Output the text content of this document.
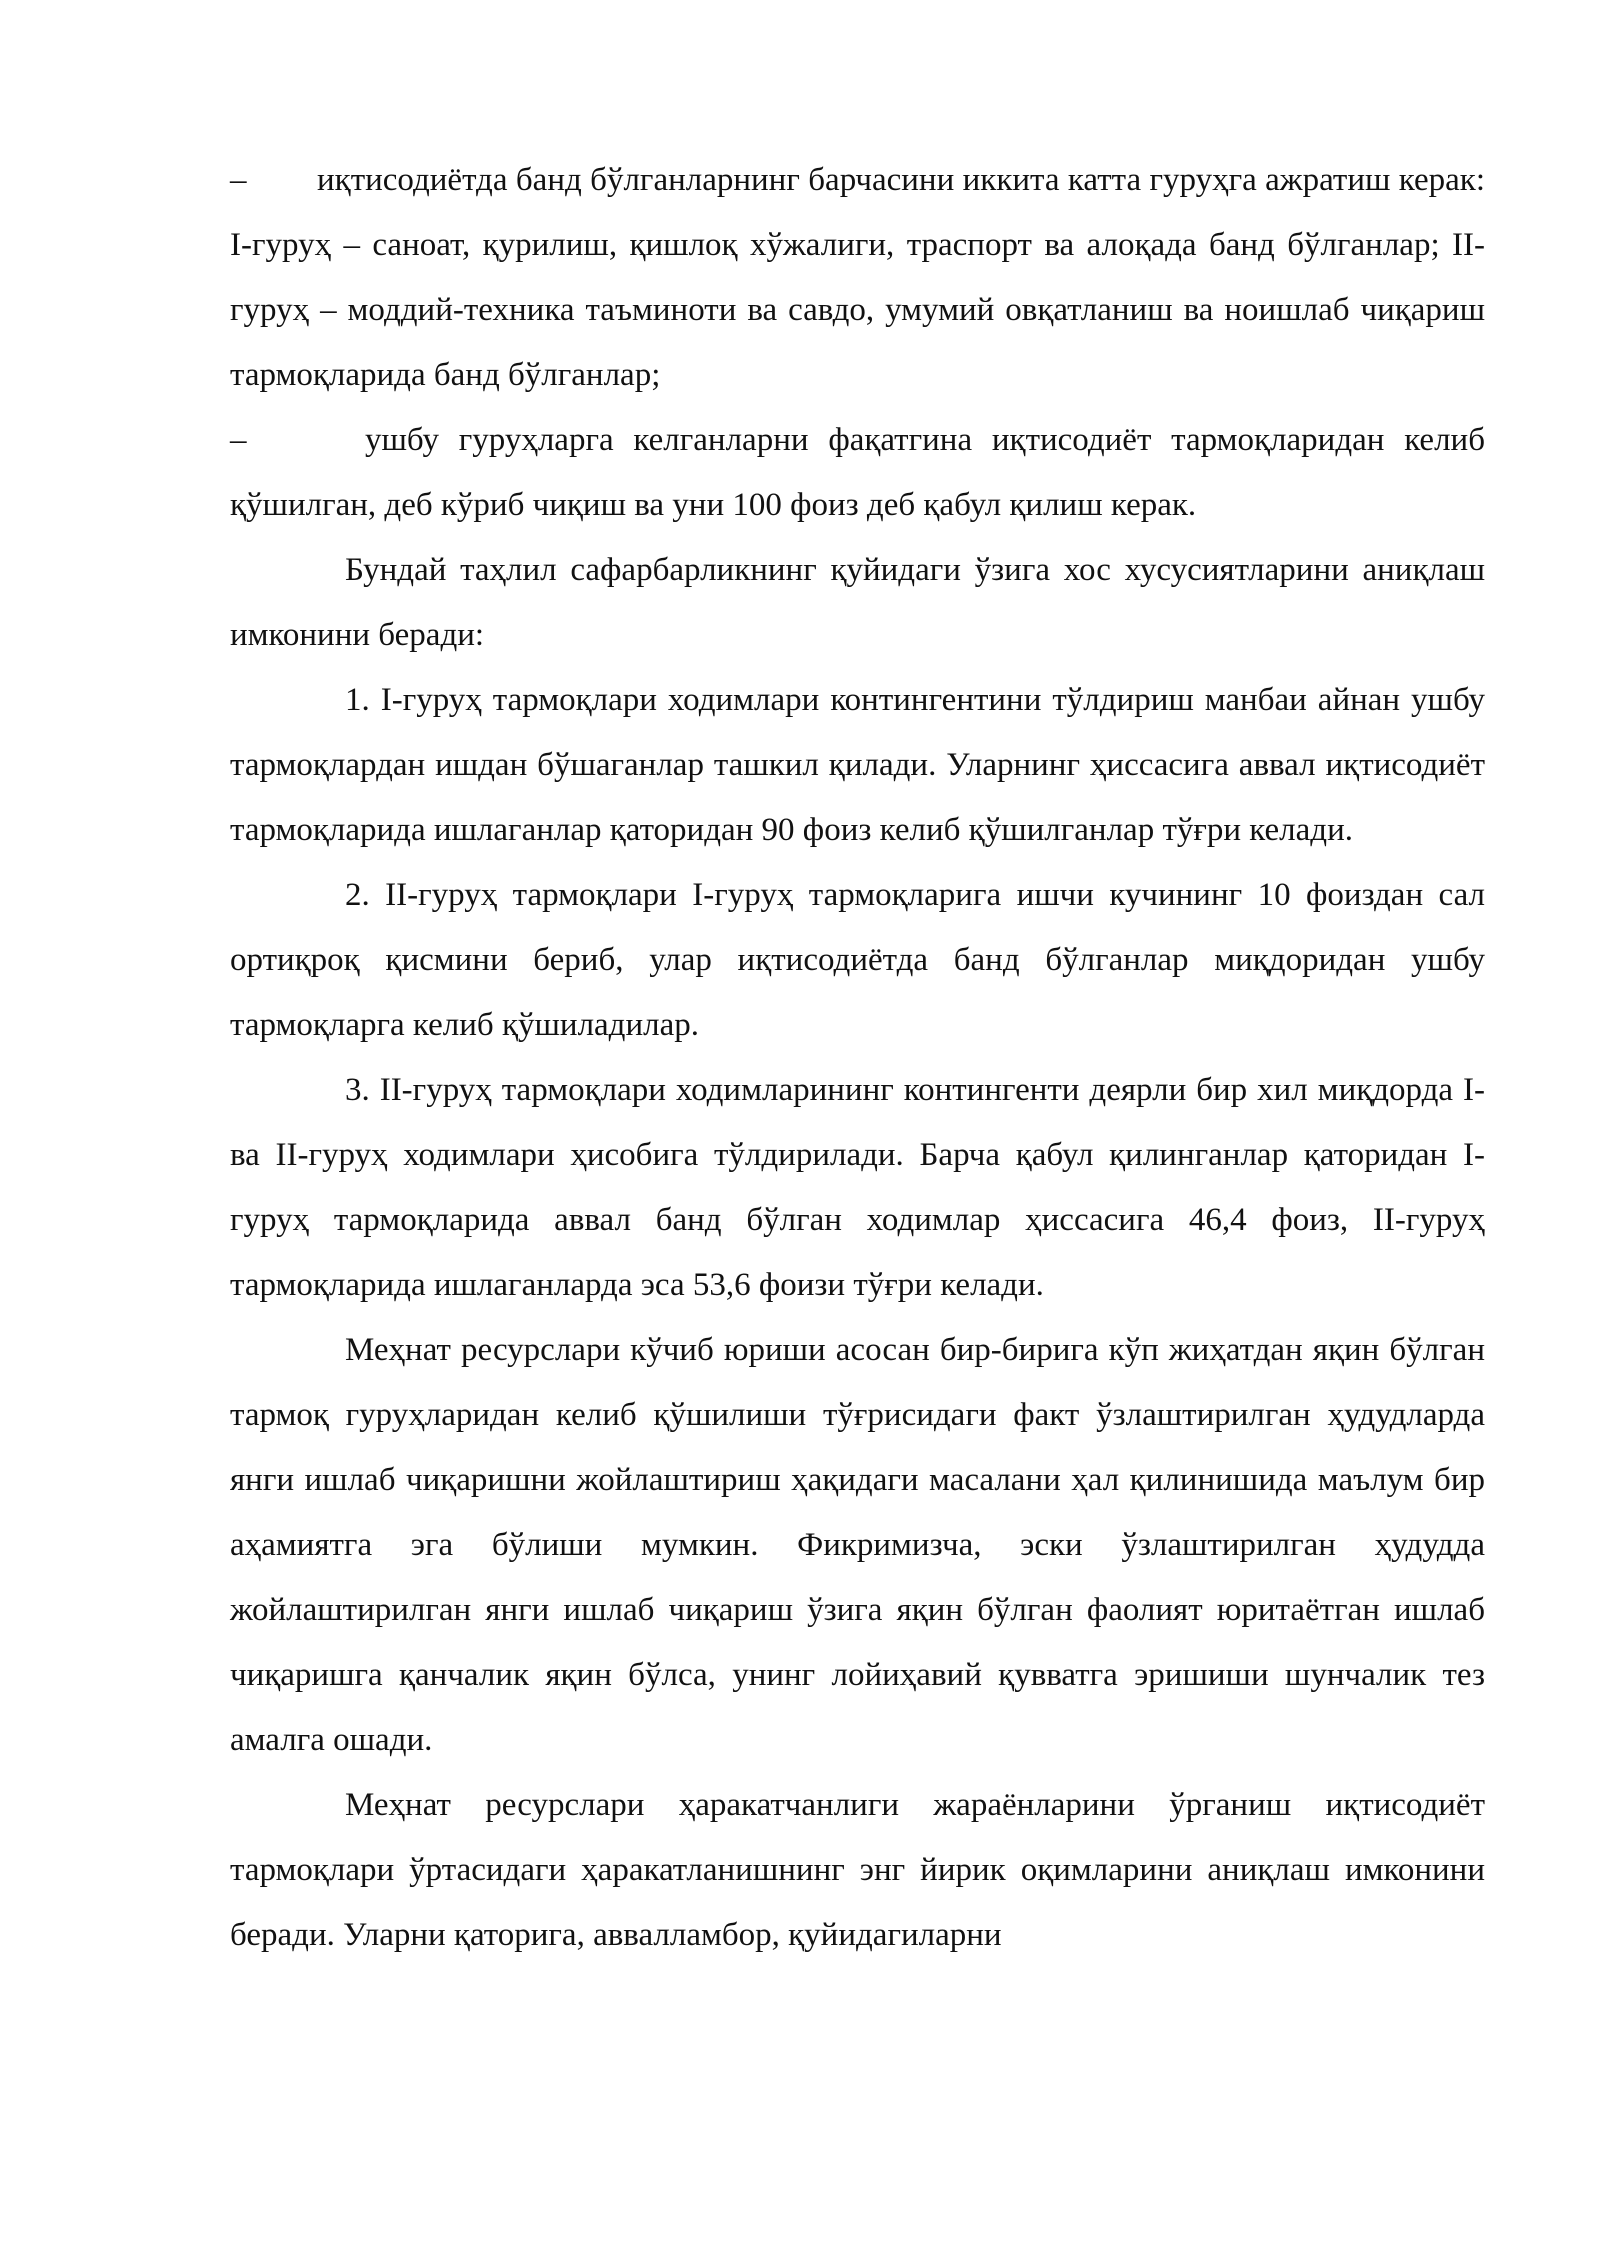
– иқтисодиётда банд бўлганларнинг барчасини иккита катта гуруҳга ажратиш керак: I-гуруҳ – саноат, қурилиш, қишлоқ хўжалиги, траспорт ва алоқада банд бўлганлар; II-гуруҳ – моддий-техника таъминоти ва савдо, умумий овқатланиш ва ноишлаб чиқариш тармоқларида банд бўлганлар;

–	ушбу гуруҳларга келганларни фақатгина иқтисодиёт тармоқларидан келиб қўшилган, деб кўриб чиқиш ва уни 100 фоиз деб қабул қилиш керак.

Бундай таҳлил сафарбарликнинг қуйидаги ўзига хос хусусиятларини аниқлаш имконини беради:

1. I-гуруҳ тармоқлари ходимлари контингентини тўлдириш манбаи айнан ушбу тармоқлардан ишдан бўшаганлар ташкил қилади. Уларнинг ҳиссасига аввал иқтисодиёт тармоқларида ишлаганлар қаторидан 90 фоиз келиб қўшилганлар тўғри келади.

2. II-гуруҳ тармоқлари I-гуруҳ тармоқларига ишчи кучининг 10 фоиздан сал ортиқроқ қисмини бериб, улар иқтисодиётда банд бўлганлар миқдоридан ушбу тармоқларга келиб қўшиладилар.

3. II-гуруҳ тармоқлари ходимларининг контингенти деярли бир хил миқдорда I- ва II-гуруҳ ходимлари ҳисобига тўлдирилади. Барча қабул қилинганлар қаторидан I-гуруҳ тармоқларида аввал банд бўлган ходимлар ҳиссасига 46,4 фоиз, II-гуруҳ тармоқларида ишлаганларда эса 53,6 фоизи тўғри келади.

Меҳнат ресурслари кўчиб юриши асосан бир-бирига кўп жиҳатдан яқин бўлган тармоқ гуруҳларидан келиб қўшилиши тўғрисидаги факт ўзлаштирилган ҳудудларда янги ишлаб чиқаришни жойлаштириш ҳақидаги масалани ҳал қилинишида маълум бир аҳамиятга эга бўлиши мумкин. Фикримизча, эски ўзлаштирилган ҳудудда жойлаштирилган янги ишлаб чиқариш ўзига яқин бўлган фаолият юритаётган ишлаб чиқаришга қанчалик яқин бўлса, унинг лойиҳавий қувватга эришиши шунчалик тез амалга ошади.

Меҳнат ресурслари ҳаракатчанлиги жараёнларини ўрганиш иқтисодиёт тармоқлари ўртасидаги ҳаракатланишнинг энг йирик оқимларини аниқлаш имконини беради. Уларни қаторига, аввалламбор, қуйидагиларни
